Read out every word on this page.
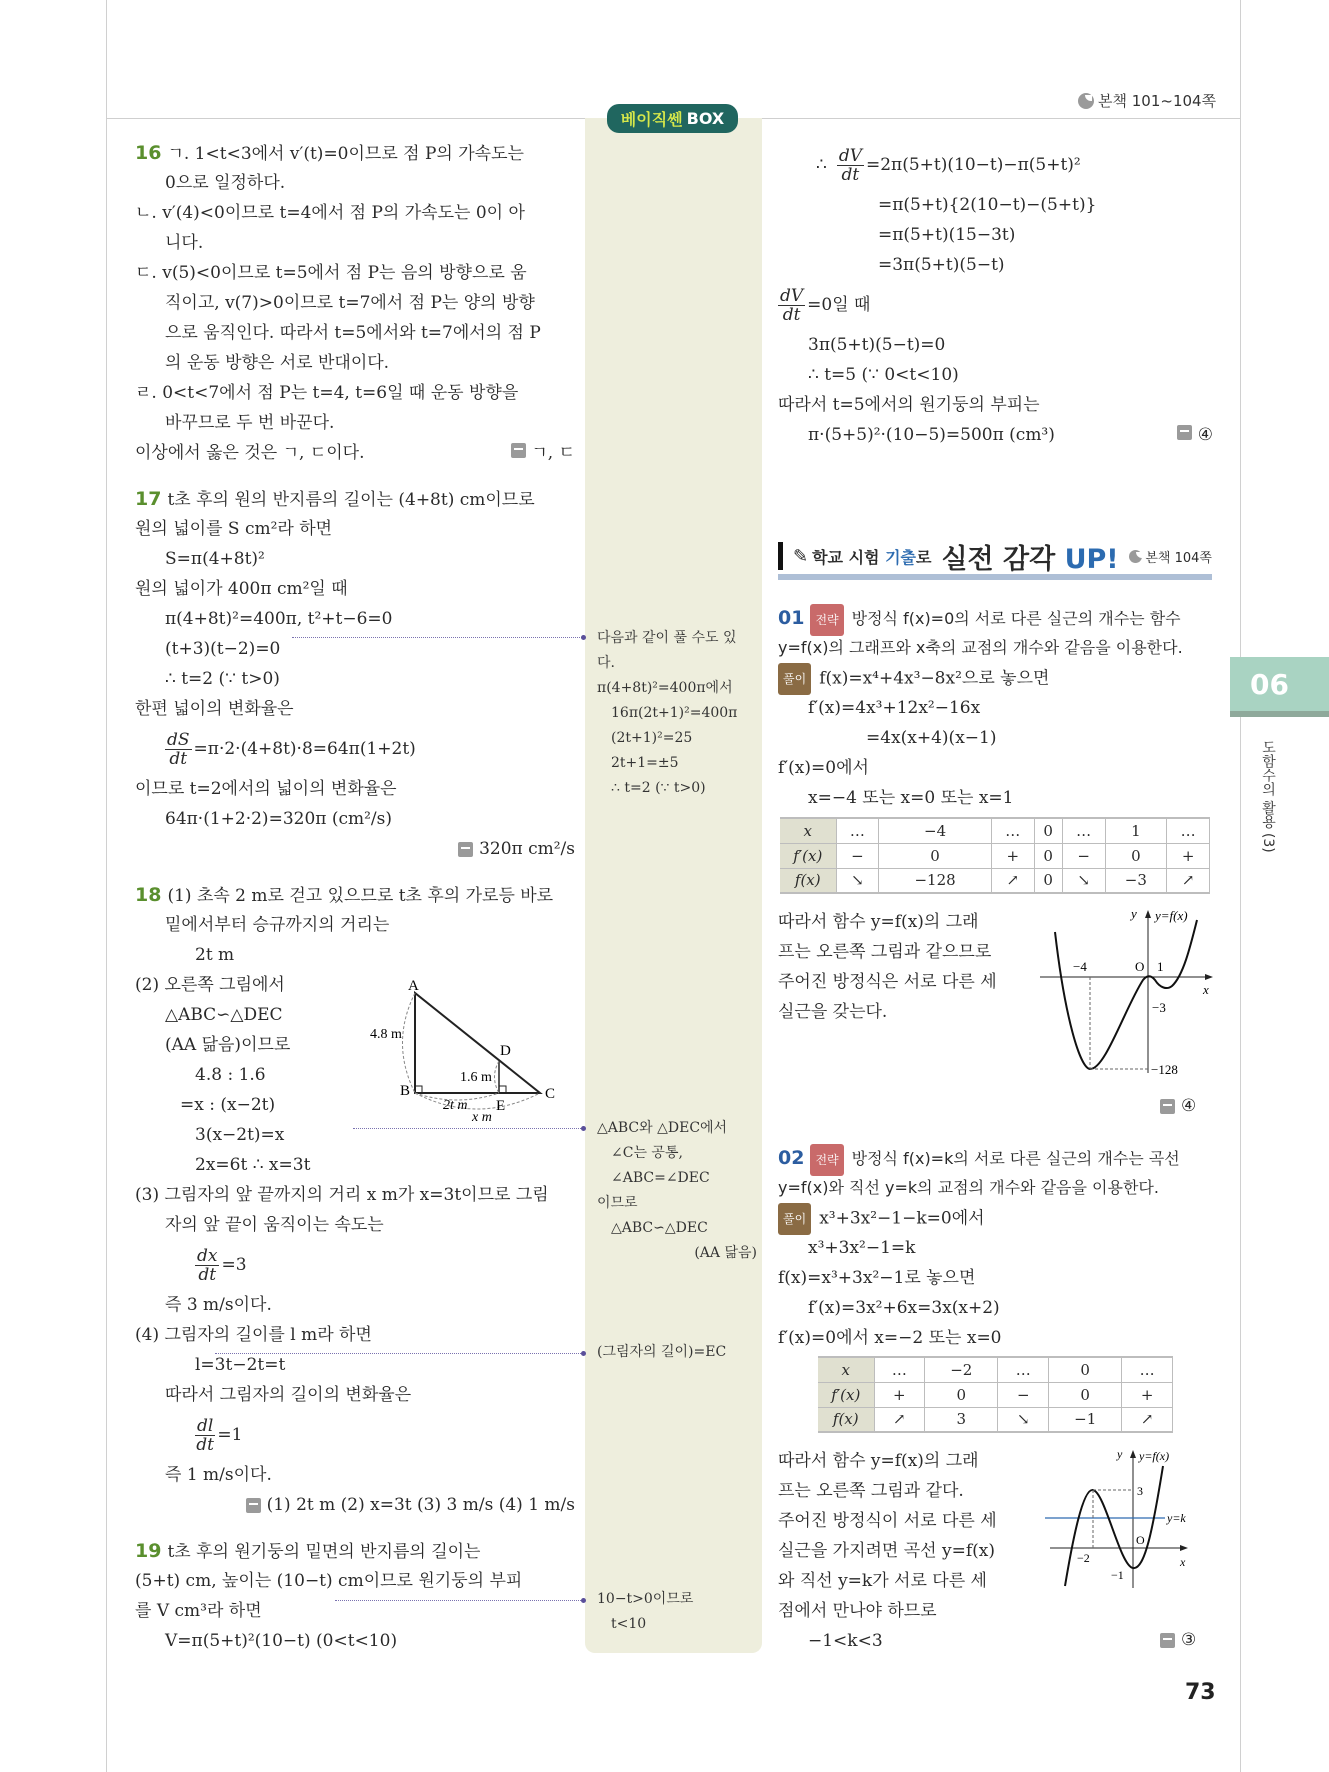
본책 101~104쪽
베이직쎈 BOX
16 ㄱ. 1<t<3에서 v′(t)=0이므로 점 P의 가속도는
0으로 일정하다.
ㄴ. v′(4)<0이므로 t=4에서 점 P의 가속도는 0이 아
니다.
ㄷ. v(5)<0이므로 t=5에서 점 P는 음의 방향으로 움
직이고, v(7)>0이므로 t=7에서 점 P는 양의 방향
으로 움직인다. 따라서 t=5에서와 t=7에서의 점 P
의 운동 방향은 서로 반대이다.
ㄹ. 0<t<7에서 점 P는 t=4, t=6일 때 운동 방향을
바꾸므로 두 번 바꾼다.
이상에서 옳은 것은 ㄱ, ㄷ이다.	ㄱ, ㄷ
17 t초 후의 원의 반지름의 길이는 (4+8t) cm이므로
원의 넓이를 S cm²라 하면
S=π(4+8t)²
원의 넓이가 400π cm²일 때
π(4+8t)²=400π, t²+t−6=0
(t+3)(t−2)=0
∴ t=2 (∵ t>0)
한편 넓이의 변화율은
$\frac{dS}{dt} =\pi\cdot 2\cdot(4+8t)\cdot 8=64\pi(1+2t)$
이므로 t=2에서의 넓이의 변화율은
64π·(1+2·2)=320π (cm²/s)
320π cm²/s
18 (1) 초속 2 m로 걷고 있으므로 t초 후의 가로등 바로
밑에서부터 승규까지의 거리는
2t m
(2) 오른쪽 그림에서
△ABC∽△DEC
(AA 닮음)이므로
4.8 : 1.6
=x : (x−2t)
3(x−2t)=x
2x=6t ∴ x=3t
(3) 그림자의 앞 끝까지의 거리 x m가 x=3t이므로 그림
자의 앞 끝이 움직이는 속도는
$\frac{dx}{dt} =3$
즉 3 m/s이다.
(4) 그림자의 길이를 l m라 하면
l=3t−2t=t
따라서 그림자의 길이의 변화율은
$\frac{dl}{dt} =1$
즉 1 m/s이다.
(1) 2t m (2) x=3t (3) 3 m/s (4) 1 m/s
19 t초 후의 원기둥의 밑면의 반지름의 길이는
(5+t) cm, 높이는 (10−t) cm이므로 원기둥의 부피
를 V cm³라 하면
V=π(5+t)²(10−t) (0<t<10)
A
B	C
D
E
4.8 m
1.6 m
2t m
x m
다음과 같이 풀 수도 있
다.
π(4+8t)²=400π에서
16π(2t+1)²=400π
(2t+1)²=25
2t+1=±5
∴ t=2 (∵ t>0)
△ABC와 △DEC에서
∠C는 공통,
∠ABC=∠DEC
이므로
△ABC∽△DEC
(AA 닮음)
(그림자의 길이)=EC
10−t>0이므로
t<10
∴ $\frac{dV}{dt} =2\pi(5+t)(10-t)-\pi(5+t)^2$
=π(5+t){2(10−t)−(5+t)}
=π(5+t)(15−3t)
=3π(5+t)(5−t)
$\frac{dV}{dt} =0$일 때
3π(5+t)(5−t)=0
∴ t=5 (∵ 0<t<10)
따라서 t=5에서의 원기둥의 부피는
π·(5+5)²·(10−5)=500π (cm³)	④
✎ 학교 시험 기출로 실전 감각 UP! 본책 104쪽
01 전략 방정식 f(x)=0의 서로 다른 실근의 개수는 함수
y=f(x)의 그래프와 x축의 교점의 개수와 같음을 이용한다.
풀이 f(x)=x⁴+4x³−8x²으로 놓으면
f′(x)=4x³+12x²−16x
=4x(x+4)(x−1)
f′(x)=0에서
x=−4 또는 x=0 또는 x=1
x	…	−4	…	0	…	1	…
f′(x)	−	0	+	0	−	0	+
f(x)	↘	−128	↗	0	↘	−3	↗
따라서 함수 y=f(x)의 그래
프는 오른쪽 그림과 같으므로
주어진 방정식은 서로 다른 세
실근을 갖는다.
y y=f(x)
x
O
−4	1
−3
−128
④
02 전략 방정식 f(x)=k의 서로 다른 실근의 개수는 곡선
y=f(x)와 직선 y=k의 교점의 개수와 같음을 이용한다.
풀이 x³+3x²−1−k=0에서
x³+3x²−1=k
f(x)=x³+3x²−1로 놓으면
f′(x)=3x²+6x=3x(x+2)
f′(x)=0에서 x=−2 또는 x=0
x	…	−2	…	0	…
f′(x)	+	0	−	0	+
f(x)	↗	3	↘	−1	↗
따라서 함수 y=f(x)의 그래
프는 오른쪽 그림과 같다.
주어진 방정식이 서로 다른 세
실근을 가지려면 곡선 y=f(x)
와 직선 y=k가 서로 다른 세
점에서 만나야 하므로
−1<k<3
y y=f(x)
x
O
y=k
−2
3
−1
③
06
도함수의 활용 (3)
73
